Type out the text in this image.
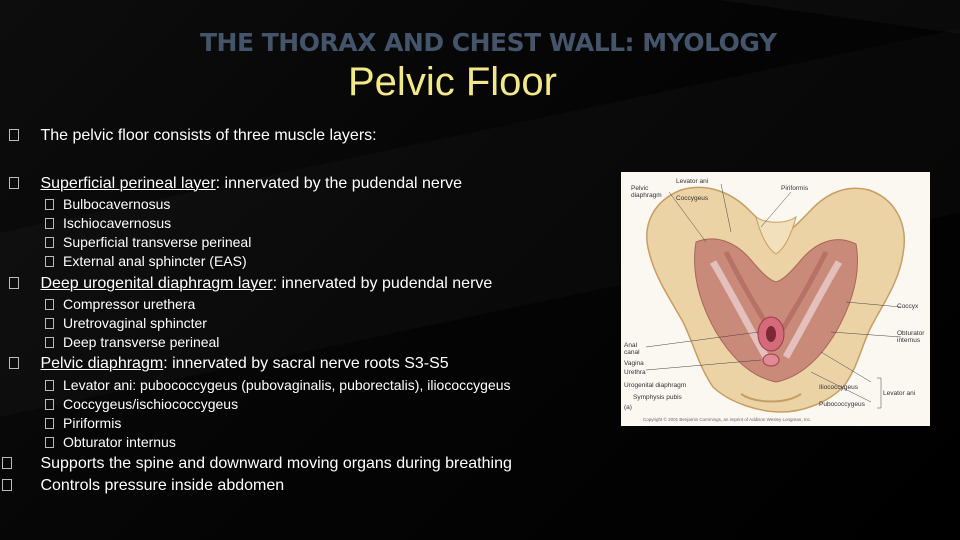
THE THORAX AND CHEST WALL: MYOLOGY
Pelvic Floor
The pelvic floor consists of three muscle layers:
Superficial perineal layer: innervated by the pudendal nerve
Bulbocavernosus
Ischiocavernosus
Superficial transverse perineal
External anal sphincter (EAS)
Deep urogenital diaphragm layer: innervated by pudendal nerve
Compressor urethera
Uretrovaginal sphincter
Deep transverse perineal
Pelvic diaphragm: innervated by sacral nerve roots S3-S5
Levator ani: pubococcygeus (pubovaginalis, puborectalis), iliococcygeus
Coccygeus/ischiococcygeus
Piriformis
Obturator internus
Supports the spine and downward moving organs during breathing
Controls pressure inside abdomen
Pelvic
diaphragm
Levator ani
Coccygeus
Piriformis
Coccyx
Obturator
internus
Anal
canal
Vagina
Urethra
Urogenital diaphragm
Symphysis pubis
Iliococcygeus
Pubococcygeus
Levator ani
(a)
Copyright © 2001 Benjamin Cummings, an imprint of Addison Wesley Longman, Inc.
